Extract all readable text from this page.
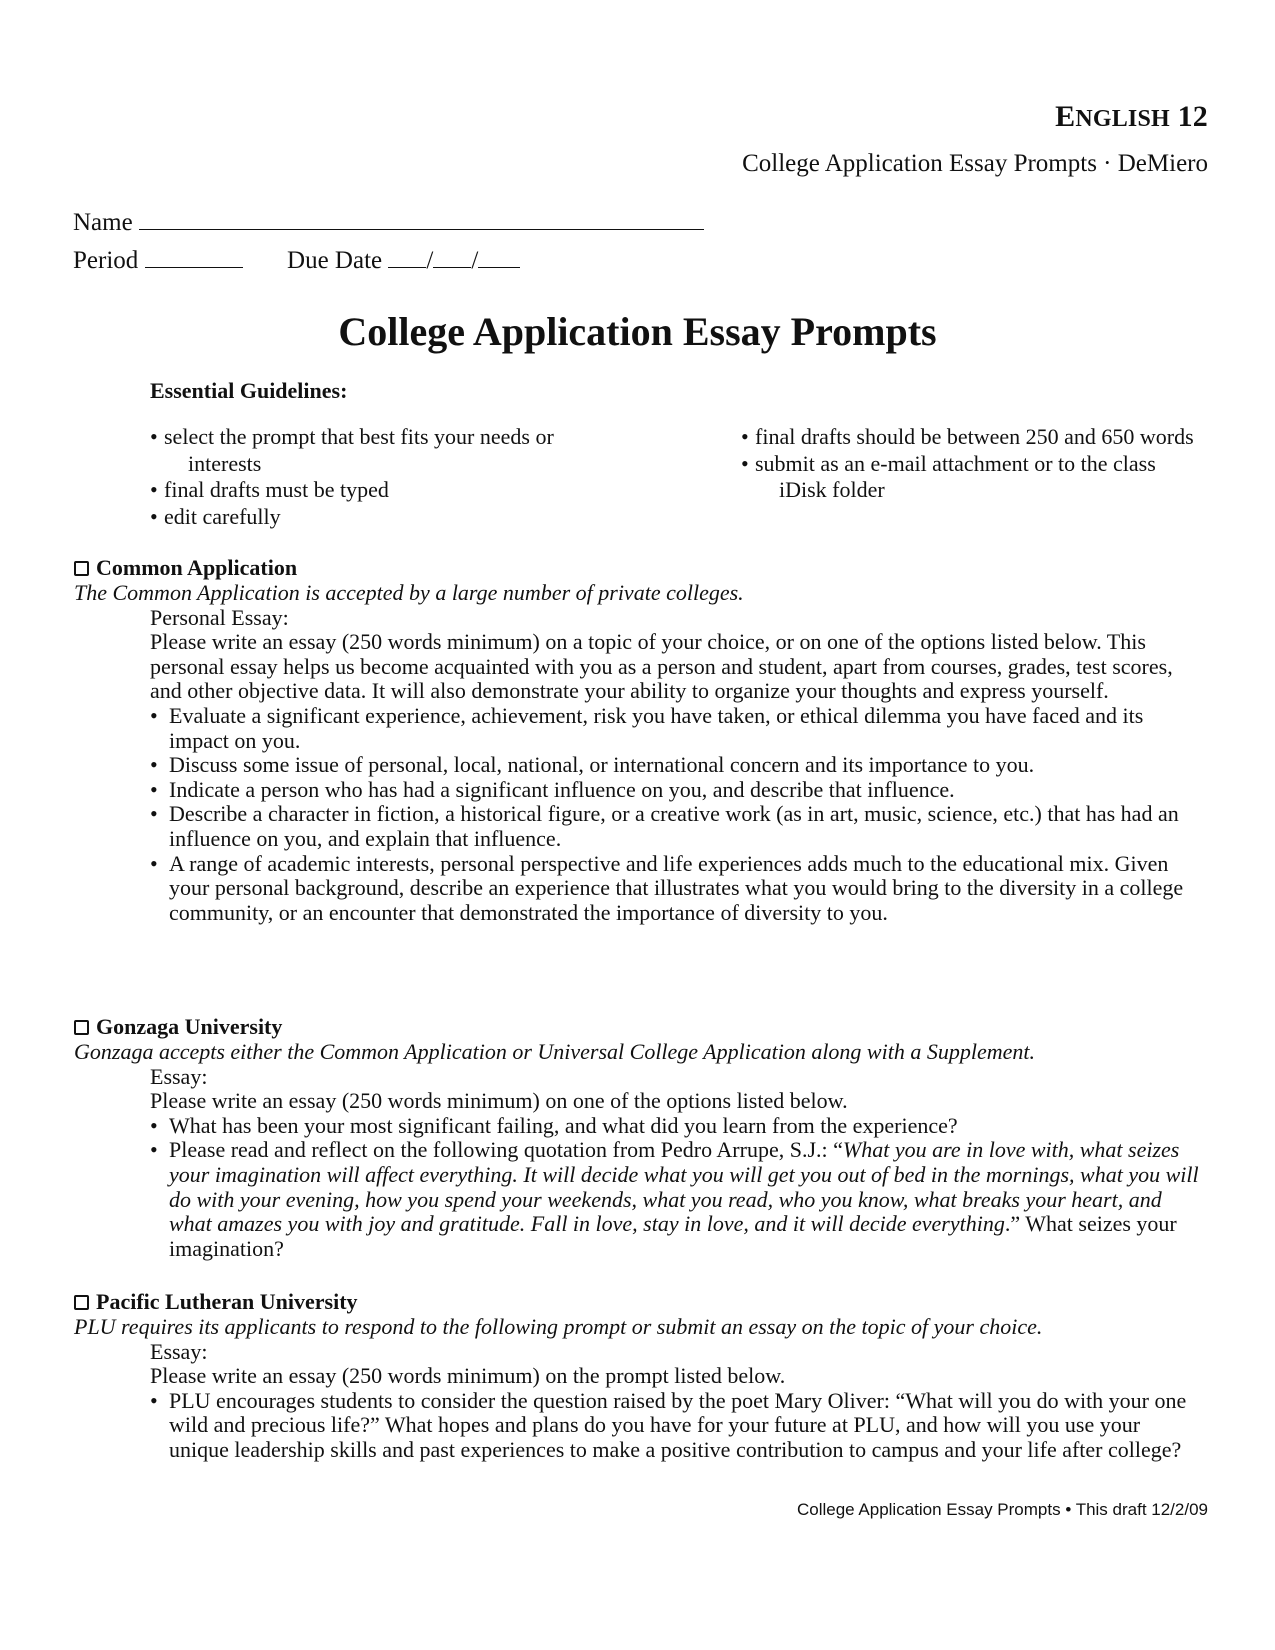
ENGLISH 12
College Application Essay Prompts · DeMiero
Name
Period	Due Date / /
College Application Essay Prompts
Essential Guidelines:
• select the prompt that best fits your needs or interests
• final drafts must be typed
• edit carefully
• final drafts should be between 250 and 650 words
• submit as an e-mail attachment or to the class iDisk folder
Common Application
The Common Application is accepted by a large number of private colleges.
Personal Essay:
Please write an essay (250 words minimum) on a topic of your choice, or on one of the options listed below. This personal essay helps us become acquainted with you as a person and student, apart from courses, grades, test scores, and other objective data. It will also demonstrate your ability to organize your thoughts and express yourself.
• Evaluate a significant experience, achievement, risk you have taken, or ethical dilemma you have faced and its impact on you.
• Discuss some issue of personal, local, national, or international concern and its importance to you.
• Indicate a person who has had a significant influence on you, and describe that influence.
• Describe a character in fiction, a historical figure, or a creative work (as in art, music, science, etc.) that has had an influence on you, and explain that influence.
• A range of academic interests, personal perspective and life experiences adds much to the educational mix. Given your personal background, describe an experience that illustrates what you would bring to the diversity in a college community, or an encounter that demonstrated the importance of diversity to you.
Gonzaga University
Gonzaga accepts either the Common Application or Universal College Application along with a Supplement.
Essay:
Please write an essay (250 words minimum) on one of the options listed below.
• What has been your most significant failing, and what did you learn from the experience?
• Please read and reflect on the following quotation from Pedro Arrupe, S.J.: “What you are in love with, what seizes your imagination will affect everything. It will decide what you will get you out of bed in the mornings, what you will do with your evening, how you spend your weekends, what you read, who you know, what breaks your heart, and what amazes you with joy and gratitude. Fall in love, stay in love, and it will decide everything.” What seizes your imagination?
Pacific Lutheran University
PLU requires its applicants to respond to the following prompt or submit an essay on the topic of your choice.
Essay:
Please write an essay (250 words minimum) on the prompt listed below.
• PLU encourages students to consider the question raised by the poet Mary Oliver: “What will you do with your one wild and precious life?” What hopes and plans do you have for your future at PLU, and how will you use your unique leadership skills and past experiences to make a positive contribution to campus and your life after college?
College Application Essay Prompts • This draft 12/2/09
